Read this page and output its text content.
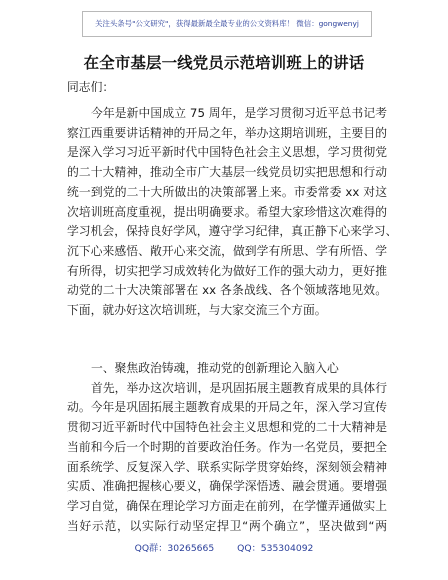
关注头条号"公文研究"，获得最新最全最专业的公文资料库！ 微信：gongwenyj
在全市基层一线党员示范培训班上的讲话
同志们：
今年是新中国成立 75 周年，是学习贯彻习近平总书记考
察江西重要讲话精神的开局之年，举办这期培训班，主要目的
是深入学习习近平新时代中国特色社会主义思想，学习贯彻党
的二十大精神，推动全市广大基层一线党员切实把思想和行动
统一到党的二十大所做出的决策部署上来。市委常委 xx 对这
次培训班高度重视，提出明确要求。希望大家珍惜这次难得的
学习机会，保持良好学风，遵守学习纪律，真正静下心来学习、
沉下心来感悟、敞开心来交流，做到学有所思、学有所悟、学
有所得，切实把学习成效转化为做好工作的强大动力，更好推
动党的二十大决策部署在 xx 各条战线、各个领域落地见效。
下面，就办好这次培训班，与大家交流三个方面。
一、聚焦政治铸魂，推动党的创新理论入脑入心
首先，举办这次培训，是巩固拓展主题教育成果的具体行
动。今年是巩固拓展主题教育成果的开局之年，深入学习宣传
贯彻习近平新时代中国特色社会主义思想和党的二十大精神是
当前和今后一个时期的首要政治任务。作为一名党员，要把全
面系统学、反复深入学、联系实际学贯穿始终，深刻领会精神
实质、准确把握核心要义，确保学深悟透、融会贯通。要增强
学习自觉，确保在理论学习方面走在前列，在学懂弄通做实上
当好示范，以实际行动坚定捍卫“两个确立”，坚决做到“两
QQ群：30265665 QQ：535304092
